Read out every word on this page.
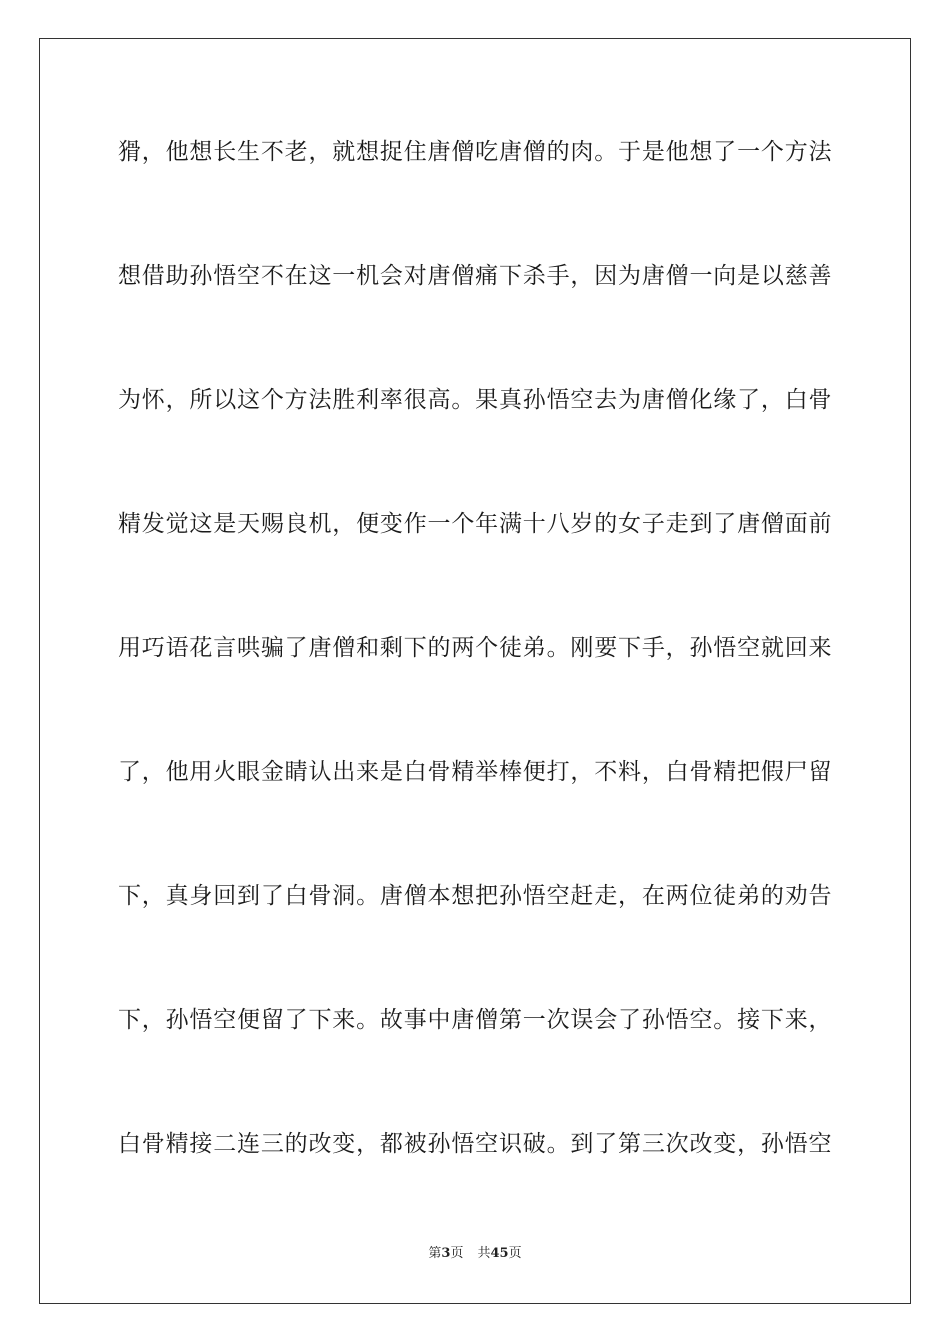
猾，他想长生不老，就想捉住唐僧吃唐僧的肉。于是他想了一个方法
想借助孙悟空不在这一机会对唐僧痛下杀手，因为唐僧一向是以慈善
为怀，所以这个方法胜利率很高。果真孙悟空去为唐僧化缘了，白骨
精发觉这是天赐良机，便变作一个年满十八岁的女子走到了唐僧面前
用巧语花言哄骗了唐僧和剩下的两个徒弟。刚要下手，孙悟空就回来
了，他用火眼金睛认出来是白骨精举棒便打，不料，白骨精把假尸留
下，真身回到了白骨洞。唐僧本想把孙悟空赶走，在两位徒弟的劝告
下，孙悟空便留了下来。故事中唐僧第一次误会了孙悟空。接下来，
白骨精接二连三的改变，都被孙悟空识破。到了第三次改变，孙悟空
第3页 共45页
